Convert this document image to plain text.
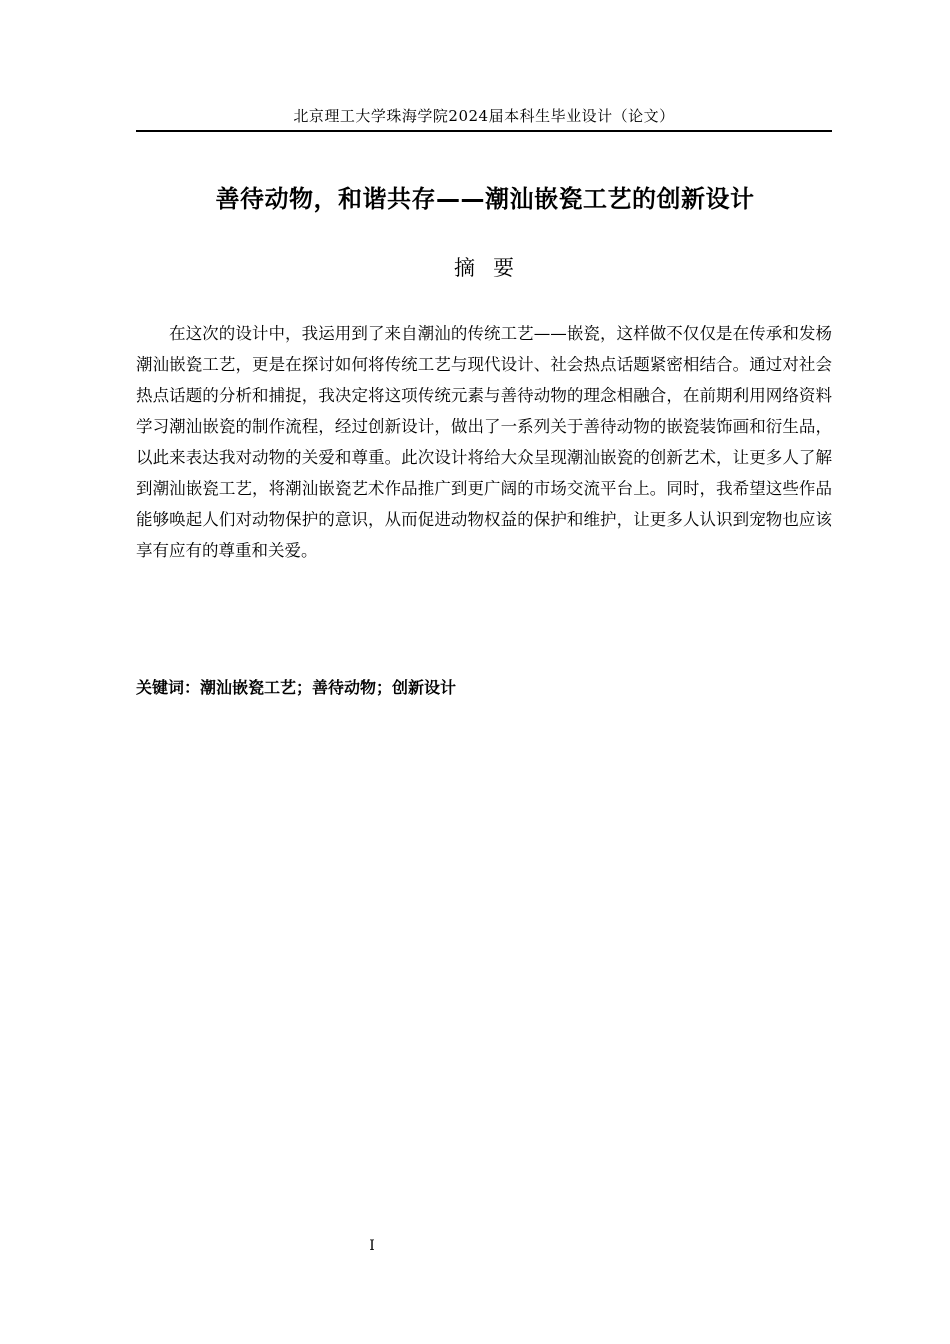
北京理工大学珠海学院2024届本科生毕业设计（论文）
善待动物，和谐共存——潮汕嵌瓷工艺的创新设计
摘要

在这次的设计中，我运用到了来自潮汕的传统工艺——嵌瓷，这样做不仅仅是在传承和发杨潮汕嵌瓷工艺，更是在探讨如何将传统工艺与现代设计、社会热点话题紧密相结合。通过对社会热点话题的分析和捕捉，我决定将这项传统元素与善待动物的理念相融合，在前期利用网络资料学习潮汕嵌瓷的制作流程，经过创新设计，做出了一系列关于善待动物的嵌瓷装饰画和衍生品，以此来表达我对动物的关爱和尊重。此次设计将给大众呈现潮汕嵌瓷的创新艺术，让更多人了解到潮汕嵌瓷工艺，将潮汕嵌瓷艺术作品推广到更广阔的市场交流平台上。同时，我希望这些作品能够唤起人们对动物保护的意识，从而促进动物权益的保护和维护，让更多人认识到宠物也应该享有应有的尊重和关爱。

关键词：潮汕嵌瓷工艺；善待动物；创新设计
I
